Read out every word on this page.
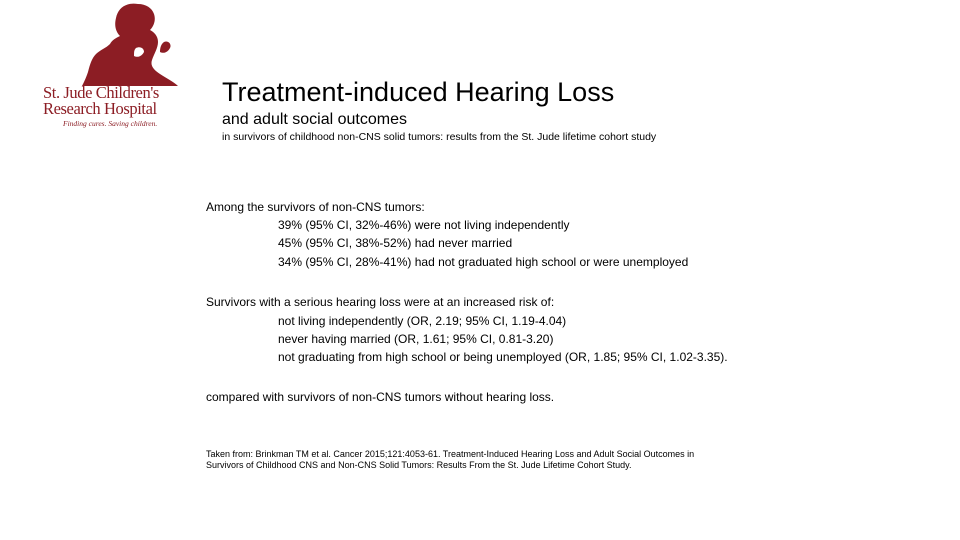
St. Jude Children's
Research Hospital
Finding cures. Saving children.
Treatment-induced Hearing Loss
and adult social outcomes
in survivors of childhood non-CNS solid tumors: results from the St. Jude lifetime cohort study
Among the survivors of non-CNS tumors:
39% (95% CI, 32%-46%) were not living independently
45% (95% CI, 38%-52%) had never married
34% (95% CI, 28%-41%) had not graduated high school or were unemployed
Survivors with a serious hearing loss were at an increased risk of:
not living independently (OR, 2.19; 95% CI, 1.19-4.04)
never having married (OR, 1.61; 95% CI, 0.81-3.20)
not graduating from high school or being unemployed (OR, 1.85; 95% CI, 1.02-3.35).
compared with survivors of non-CNS tumors without hearing loss.
Taken from: Brinkman TM et al. Cancer 2015;121:4053-61. Treatment-Induced Hearing Loss and Adult Social Outcomes in
Survivors of Childhood CNS and Non-CNS Solid Tumors: Results From the St. Jude Lifetime Cohort Study.
